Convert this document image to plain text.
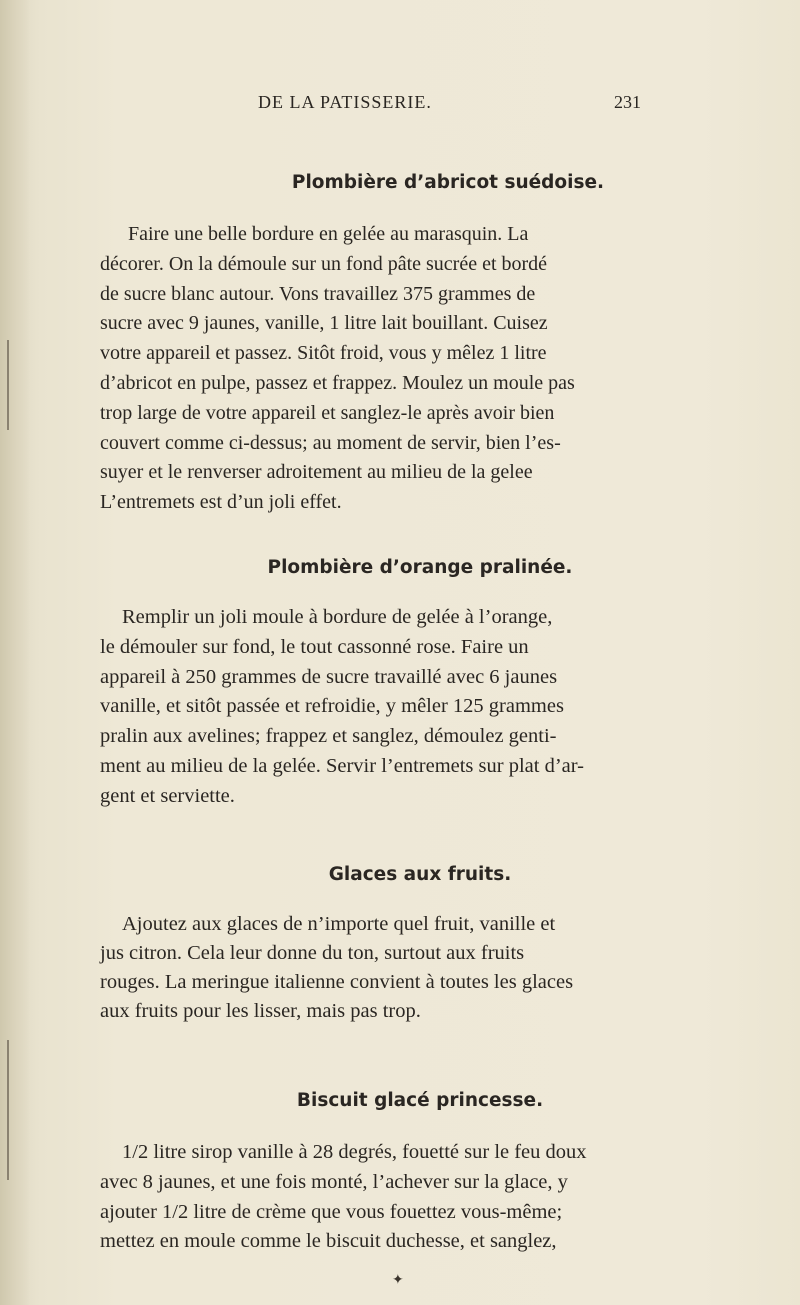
DE LA PATISSERIE.	231
Plombière d’abricot suédoise.
Faire une belle bordure en gelée au marasquin. La
décorer. On la démoule sur un fond pâte sucrée et bordé
de sucre blanc autour. Vons travaillez 375 grammes de
sucre avec 9 jaunes, vanille, 1 litre lait bouillant. Cuisez
votre appareil et passez. Sitôt froid, vous y mêlez 1 litre
d’abricot en pulpe, passez et frappez. Moulez un moule pas
trop large de votre appareil et sanglez-le après avoir bien
couvert comme ci-dessus; au moment de servir, bien l’es-
suyer et le renverser adroitement au milieu de la gelee
L’entremets est d’un joli effet.
Plombière d’orange pralinée.
Remplir un joli moule à bordure de gelée à l’orange,
le démouler sur fond, le tout cassonné rose. Faire un
appareil à 250 grammes de sucre travaillé avec 6 jaunes
vanille, et sitôt passée et refroidie, y mêler 125 grammes
pralin aux avelines; frappez et sanglez, démoulez genti-
ment au milieu de la gelée. Servir l’entremets sur plat d’ar-
gent et serviette.
Glaces aux fruits.
Ajoutez aux glaces de n’importe quel fruit, vanille et
jus citron. Cela leur donne du ton, surtout aux fruits
rouges. La meringue italienne convient à toutes les glaces
aux fruits pour les lisser, mais pas trop.
Biscuit glacé princesse.
1/2 litre sirop vanille à 28 degrés, fouetté sur le feu doux
avec 8 jaunes, et une fois monté, l’achever sur la glace, y
ajouter 1/2 litre de crème que vous fouettez vous-même;
mettez en moule comme le biscuit duchesse, et sanglez,
✦
